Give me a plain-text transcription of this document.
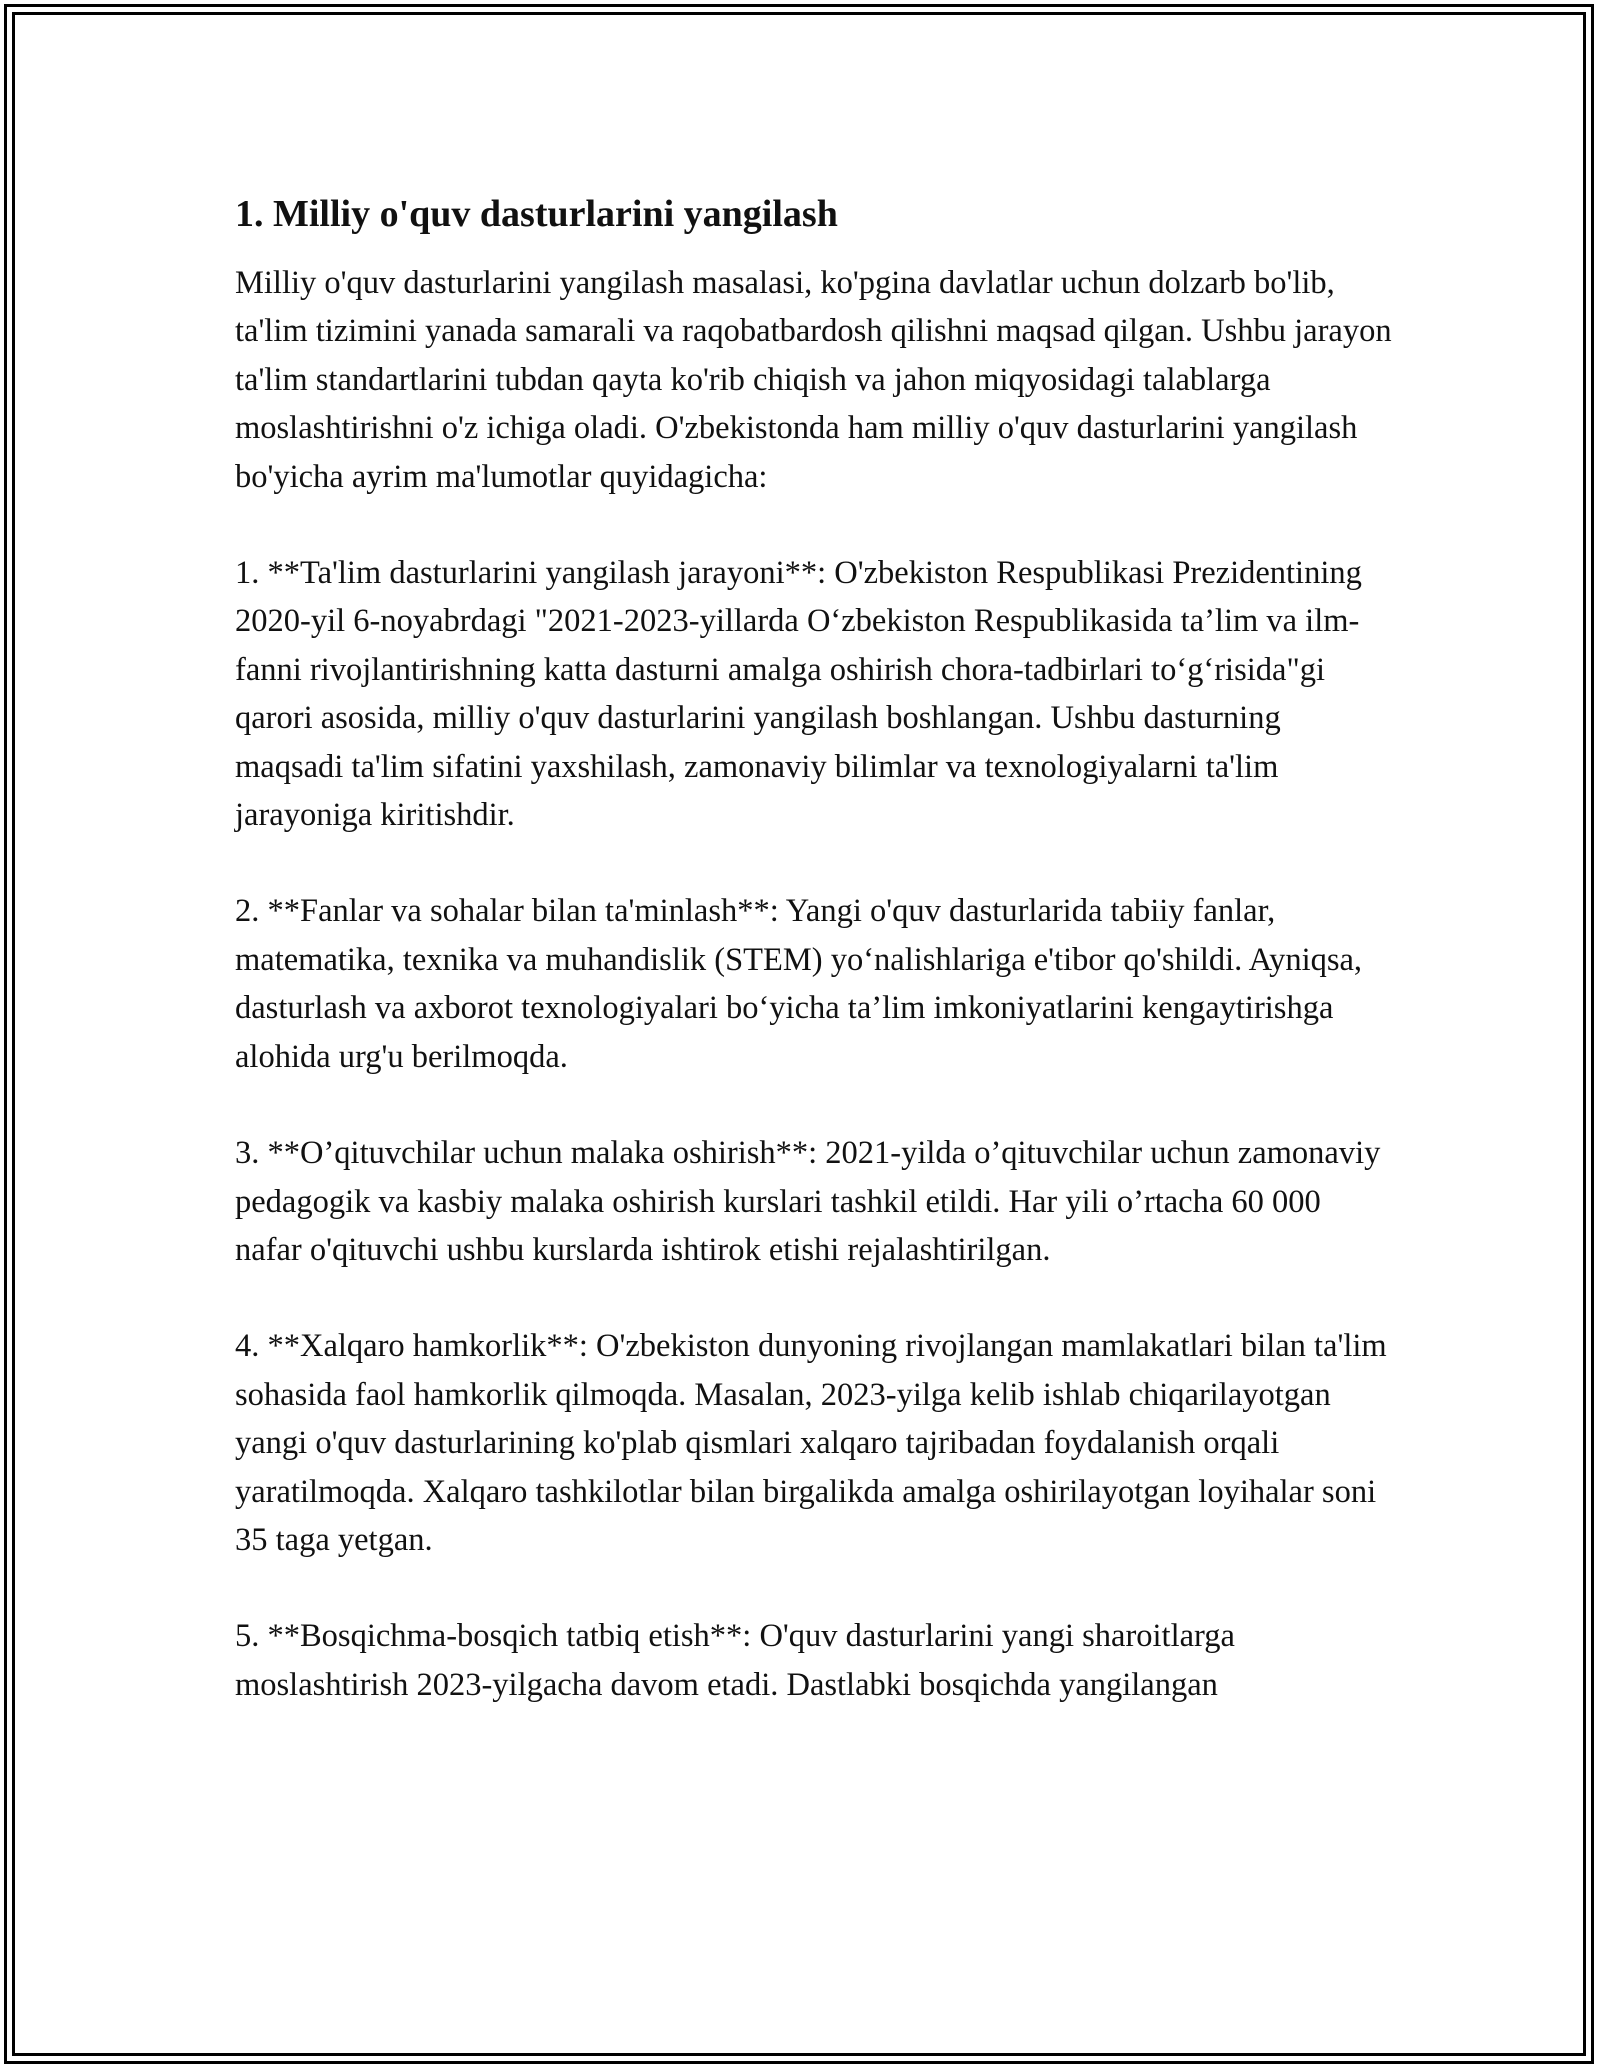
1. Milliy o'quv dasturlarini yangilash

Milliy o'quv dasturlarini yangilash masalasi, ko'pgina davlatlar uchun dolzarb bo'lib, ta'lim tizimini yanada samarali va raqobatbardosh qilishni maqsad qilgan. Ushbu jarayon ta'lim standartlarini tubdan qayta ko'rib chiqish va jahon miqyosidagi talablarga moslashtirishni o'z ichiga oladi. O'zbekistonda ham milliy o'quv dasturlarini yangilash bo'yicha ayrim ma'lumotlar quyidagicha:

1. **Ta'lim dasturlarini yangilash jarayoni**: O'zbekiston Respublikasi Prezidentining 2020-yil 6-noyabrdagi "2021-2023-yillarda O‘zbekiston Respublikasida ta’lim va ilm-fanni rivojlantirishning katta dasturni amalga oshirish chora-tadbirlari to‘g‘risida"gi qarori asosida, milliy o'quv dasturlarini yangilash boshlangan. Ushbu dasturning maqsadi ta'lim sifatini yaxshilash, zamonaviy bilimlar va texnologiyalarni ta'lim jarayoniga kiritishdir.

2. **Fanlar va sohalar bilan ta'minlash**: Yangi o'quv dasturlarida tabiiy fanlar, matematika, texnika va muhandislik (STEM) yo‘nalishlariga e'tibor qo'shildi. Ayniqsa, dasturlash va axborot texnologiyalari bo‘yicha ta’lim imkoniyatlarini kengaytirishga alohida urg'u berilmoqda.

3. **O’qituvchilar uchun malaka oshirish**: 2021-yilda o’qituvchilar uchun zamonaviy pedagogik va kasbiy malaka oshirish kurslari tashkil etildi. Har yili o’rtacha 60 000 nafar o'qituvchi ushbu kurslarda ishtirok etishi rejalashtirilgan.

4. **Xalqaro hamkorlik**: O'zbekiston dunyoning rivojlangan mamlakatlari bilan ta'lim sohasida faol hamkorlik qilmoqda. Masalan, 2023-yilga kelib ishlab chiqarilayotgan yangi o'quv dasturlarining ko'plab qismlari xalqaro tajribadan foydalanish orqali yaratilmoqda. Xalqaro tashkilotlar bilan birgalikda amalga oshirilayotgan loyihalar soni 35 taga yetgan.

5. **Bosqichma-bosqich tatbiq etish**: O'quv dasturlarini yangi sharoitlarga moslashtirish 2023-yilgacha davom etadi. Dastlabki bosqichda yangilangan
